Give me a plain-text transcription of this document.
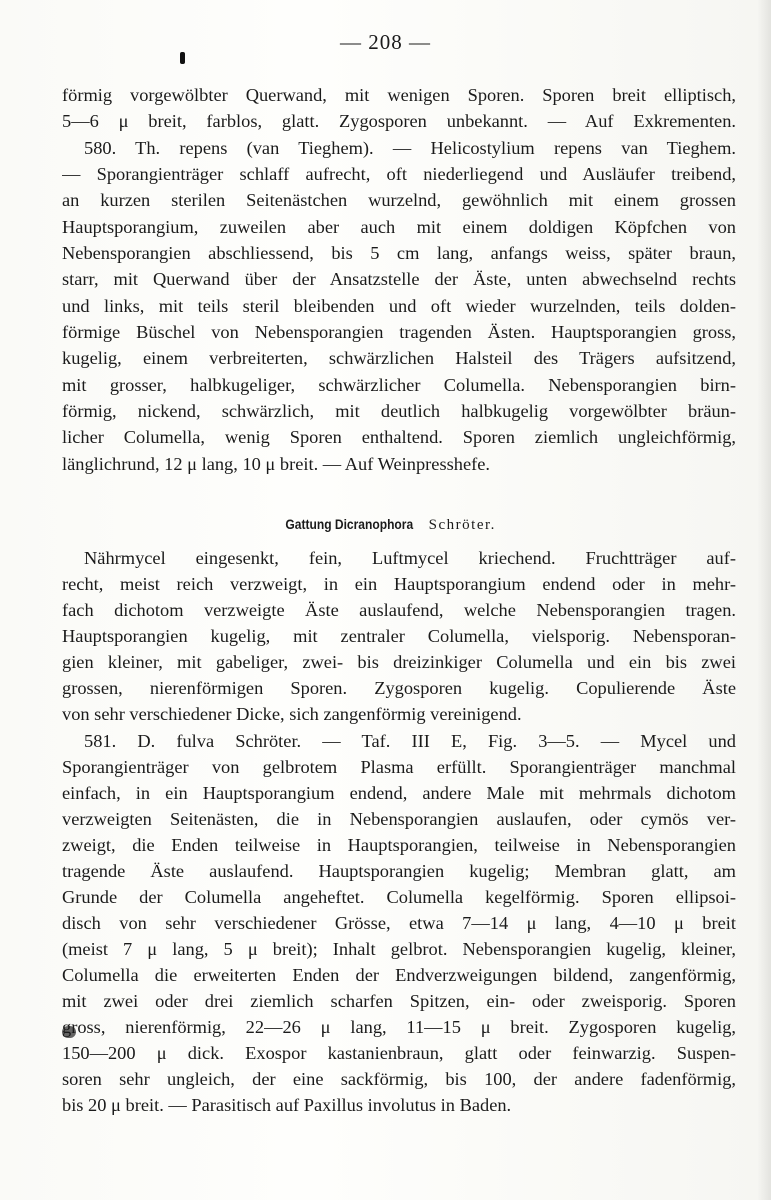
— 208 —
förmig vorgewölbter Querwand, mit wenigen Sporen. Sporen breit elliptisch,
5—6 μ breit, farblos, glatt. Zygosporen unbekannt. — Auf Exkrementen.
580. Th. repens (van Tieghem). — Helicostylium repens van Tieghem.
— Sporangienträger schlaff aufrecht, oft niederliegend und Ausläufer treibend,
an kurzen sterilen Seitenästchen wurzelnd, gewöhnlich mit einem grossen
Hauptsporangium, zuweilen aber auch mit einem doldigen Köpfchen von
Nebensporangien abschliessend, bis 5 cm lang, anfangs weiss, später braun,
starr, mit Querwand über der Ansatzstelle der Äste, unten abwechselnd rechts
und links, mit teils steril bleibenden und oft wieder wurzelnden, teils dolden-
förmige Büschel von Nebensporangien tragenden Ästen. Hauptsporangien gross,
kugelig, einem verbreiterten, schwärzlichen Halsteil des Trägers aufsitzend,
mit grosser, halbkugeliger, schwärzlicher Columella. Nebensporangien birn-
förmig, nickend, schwärzlich, mit deutlich halbkugelig vorgewölbter bräun-
licher Columella, wenig Sporen enthaltend. Sporen ziemlich ungleichförmig,
länglichrund, 12 μ lang, 10 μ breit. — Auf Weinpresshefe.
Gattung Dicranophora Schröter.
Nährmycel eingesenkt, fein, Luftmycel kriechend. Fruchtträger auf-
recht, meist reich verzweigt, in ein Hauptsporangium endend oder in mehr-
fach dichotom verzweigte Äste auslaufend, welche Nebensporangien tragen.
Hauptsporangien kugelig, mit zentraler Columella, vielsporig. Nebensporan-
gien kleiner, mit gabeliger, zwei- bis dreizinkiger Columella und ein bis zwei
grossen, nierenförmigen Sporen. Zygosporen kugelig. Copulierende Äste
von sehr verschiedener Dicke, sich zangenförmig vereinigend.
581. D. fulva Schröter. — Taf. III E, Fig. 3—5. — Mycel und
Sporangienträger von gelbrotem Plasma erfüllt. Sporangienträger manchmal
einfach, in ein Hauptsporangium endend, andere Male mit mehrmals dichotom
verzweigten Seitenästen, die in Nebensporangien auslaufen, oder cymös ver-
zweigt, die Enden teilweise in Hauptsporangien, teilweise in Nebensporangien
tragende Äste auslaufend. Hauptsporangien kugelig; Membran glatt, am
Grunde der Columella angeheftet. Columella kegelförmig. Sporen ellipsoi-
disch von sehr verschiedener Grösse, etwa 7—14 μ lang, 4—10 μ breit
(meist 7 μ lang, 5 μ breit); Inhalt gelbrot. Nebensporangien kugelig, kleiner,
Columella die erweiterten Enden der Endverzweigungen bildend, zangenförmig,
mit zwei oder drei ziemlich scharfen Spitzen, ein- oder zweisporig. Sporen
gross, nierenförmig, 22—26 μ lang, 11—15 μ breit. Zygosporen kugelig,
150—200 μ dick. Exospor kastanienbraun, glatt oder feinwarzig. Suspen-
soren sehr ungleich, der eine sackförmig, bis 100, der andere fadenförmig,
bis 20 μ breit. — Parasitisch auf Paxillus involutus in Baden.
